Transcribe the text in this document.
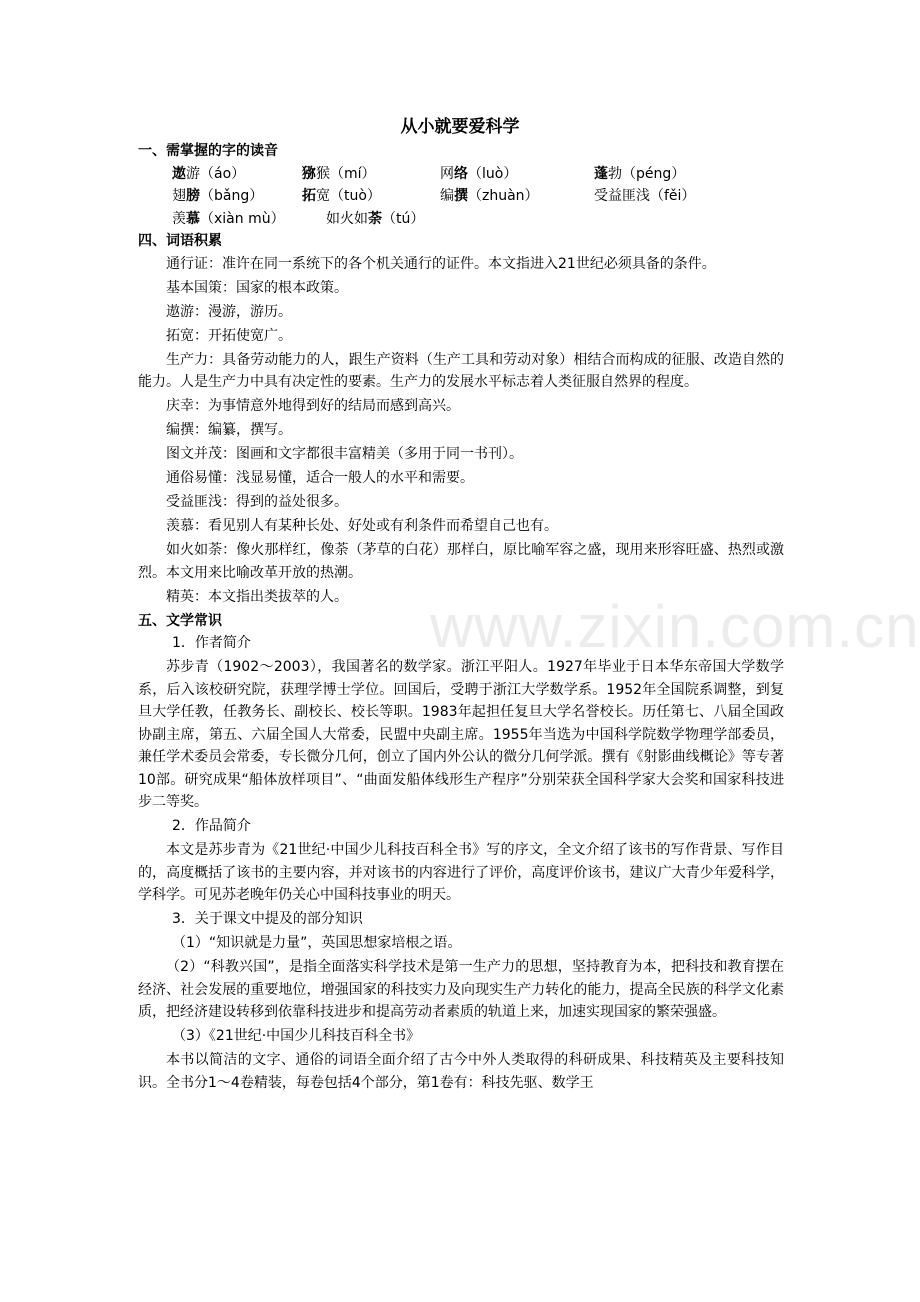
www.zixin.com.cn
从小就要爱科学
一、需掌握的字的读音
遨游（áo）	猕猴（mí）	网络（luò）	蓬勃（péng）
翅膀（bǎng）	拓宽（tuò）	编撰（zhuàn）	受益匪浅（fěi）
羡慕（xiàn mù）	如火如荼（tú）
四、词语积累

通行证：准许在同一系统下的各个机关通行的证件。本文指进入21世纪必须具备的条件。

基本国策：国家的根本政策。

遨游：漫游，游历。

拓宽：开拓使宽广。

生产力：具备劳动能力的人，跟生产资料（生产工具和劳动对象）相结合而构成的征服、改造自然的能力。人是生产力中具有决定性的要素。生产力的发展水平标志着人类征服自然界的程度。

庆幸：为事情意外地得到好的结局而感到高兴。

编撰：编纂，撰写。

图文并茂：图画和文字都很丰富精美（多用于同一书刊）。

通俗易懂：浅显易懂，适合一般人的水平和需要。

受益匪浅：得到的益处很多。

羡慕：看见别人有某种长处、好处或有利条件而希望自己也有。

如火如荼：像火那样红，像荼（茅草的白花）那样白，原比喻军容之盛，现用来形容旺盛、热烈或激烈。本文用来比喻改革开放的热潮。

精英：本文指出类拔萃的人。

五、文学常识

1．作者简介

苏步青（1902～2003），我国著名的数学家。浙江平阳人。1927年毕业于日本华东帝国大学数学系，后入该校研究院，获理学博士学位。回国后，受聘于浙江大学数学系。1952年全国院系调整，到复旦大学任教，任教务长、副校长、校长等职。1983年起担任复旦大学名誉校长。历任第七、八届全国政协副主席，第五、六届全国人大常委，民盟中央副主席。1955年当选为中国科学院数学物理学部委员，兼任学术委员会常委，专长微分几何，创立了国内外公认的微分几何学派。撰有《射影曲线概论》等专著10部。研究成果“船体放样项目”、“曲面发船体线形生产程序”分别荣获全国科学家大会奖和国家科技进步二等奖。

2．作品简介

本文是苏步青为《21世纪·中国少儿科技百科全书》写的序文，全文介绍了该书的写作背景、写作目的，高度概括了该书的主要内容，并对该书的内容进行了评价，高度评价该书，建议广大青少年爱科学，学科学。可见苏老晚年仍关心中国科技事业的明天。

3．关于课文中提及的部分知识

（1）“知识就是力量”，英国思想家培根之语。

（2）“科教兴国”，是指全面落实科学技术是第一生产力的思想，坚持教育为本，把科技和教育摆在经济、社会发展的重要地位，增强国家的科技实力及向现实生产力转化的能力，提高全民族的科学文化素质，把经济建设转移到依靠科技进步和提高劳动者素质的轨道上来，加速实现国家的繁荣强盛。

（3）《21世纪·中国少儿科技百科全书》

本书以简洁的文字、通俗的词语全面介绍了古今中外人类取得的科研成果、科技精英及主要科技知识。全书分1～4卷精装，每卷包括4个部分，第1卷有：科技先驱、数学王
